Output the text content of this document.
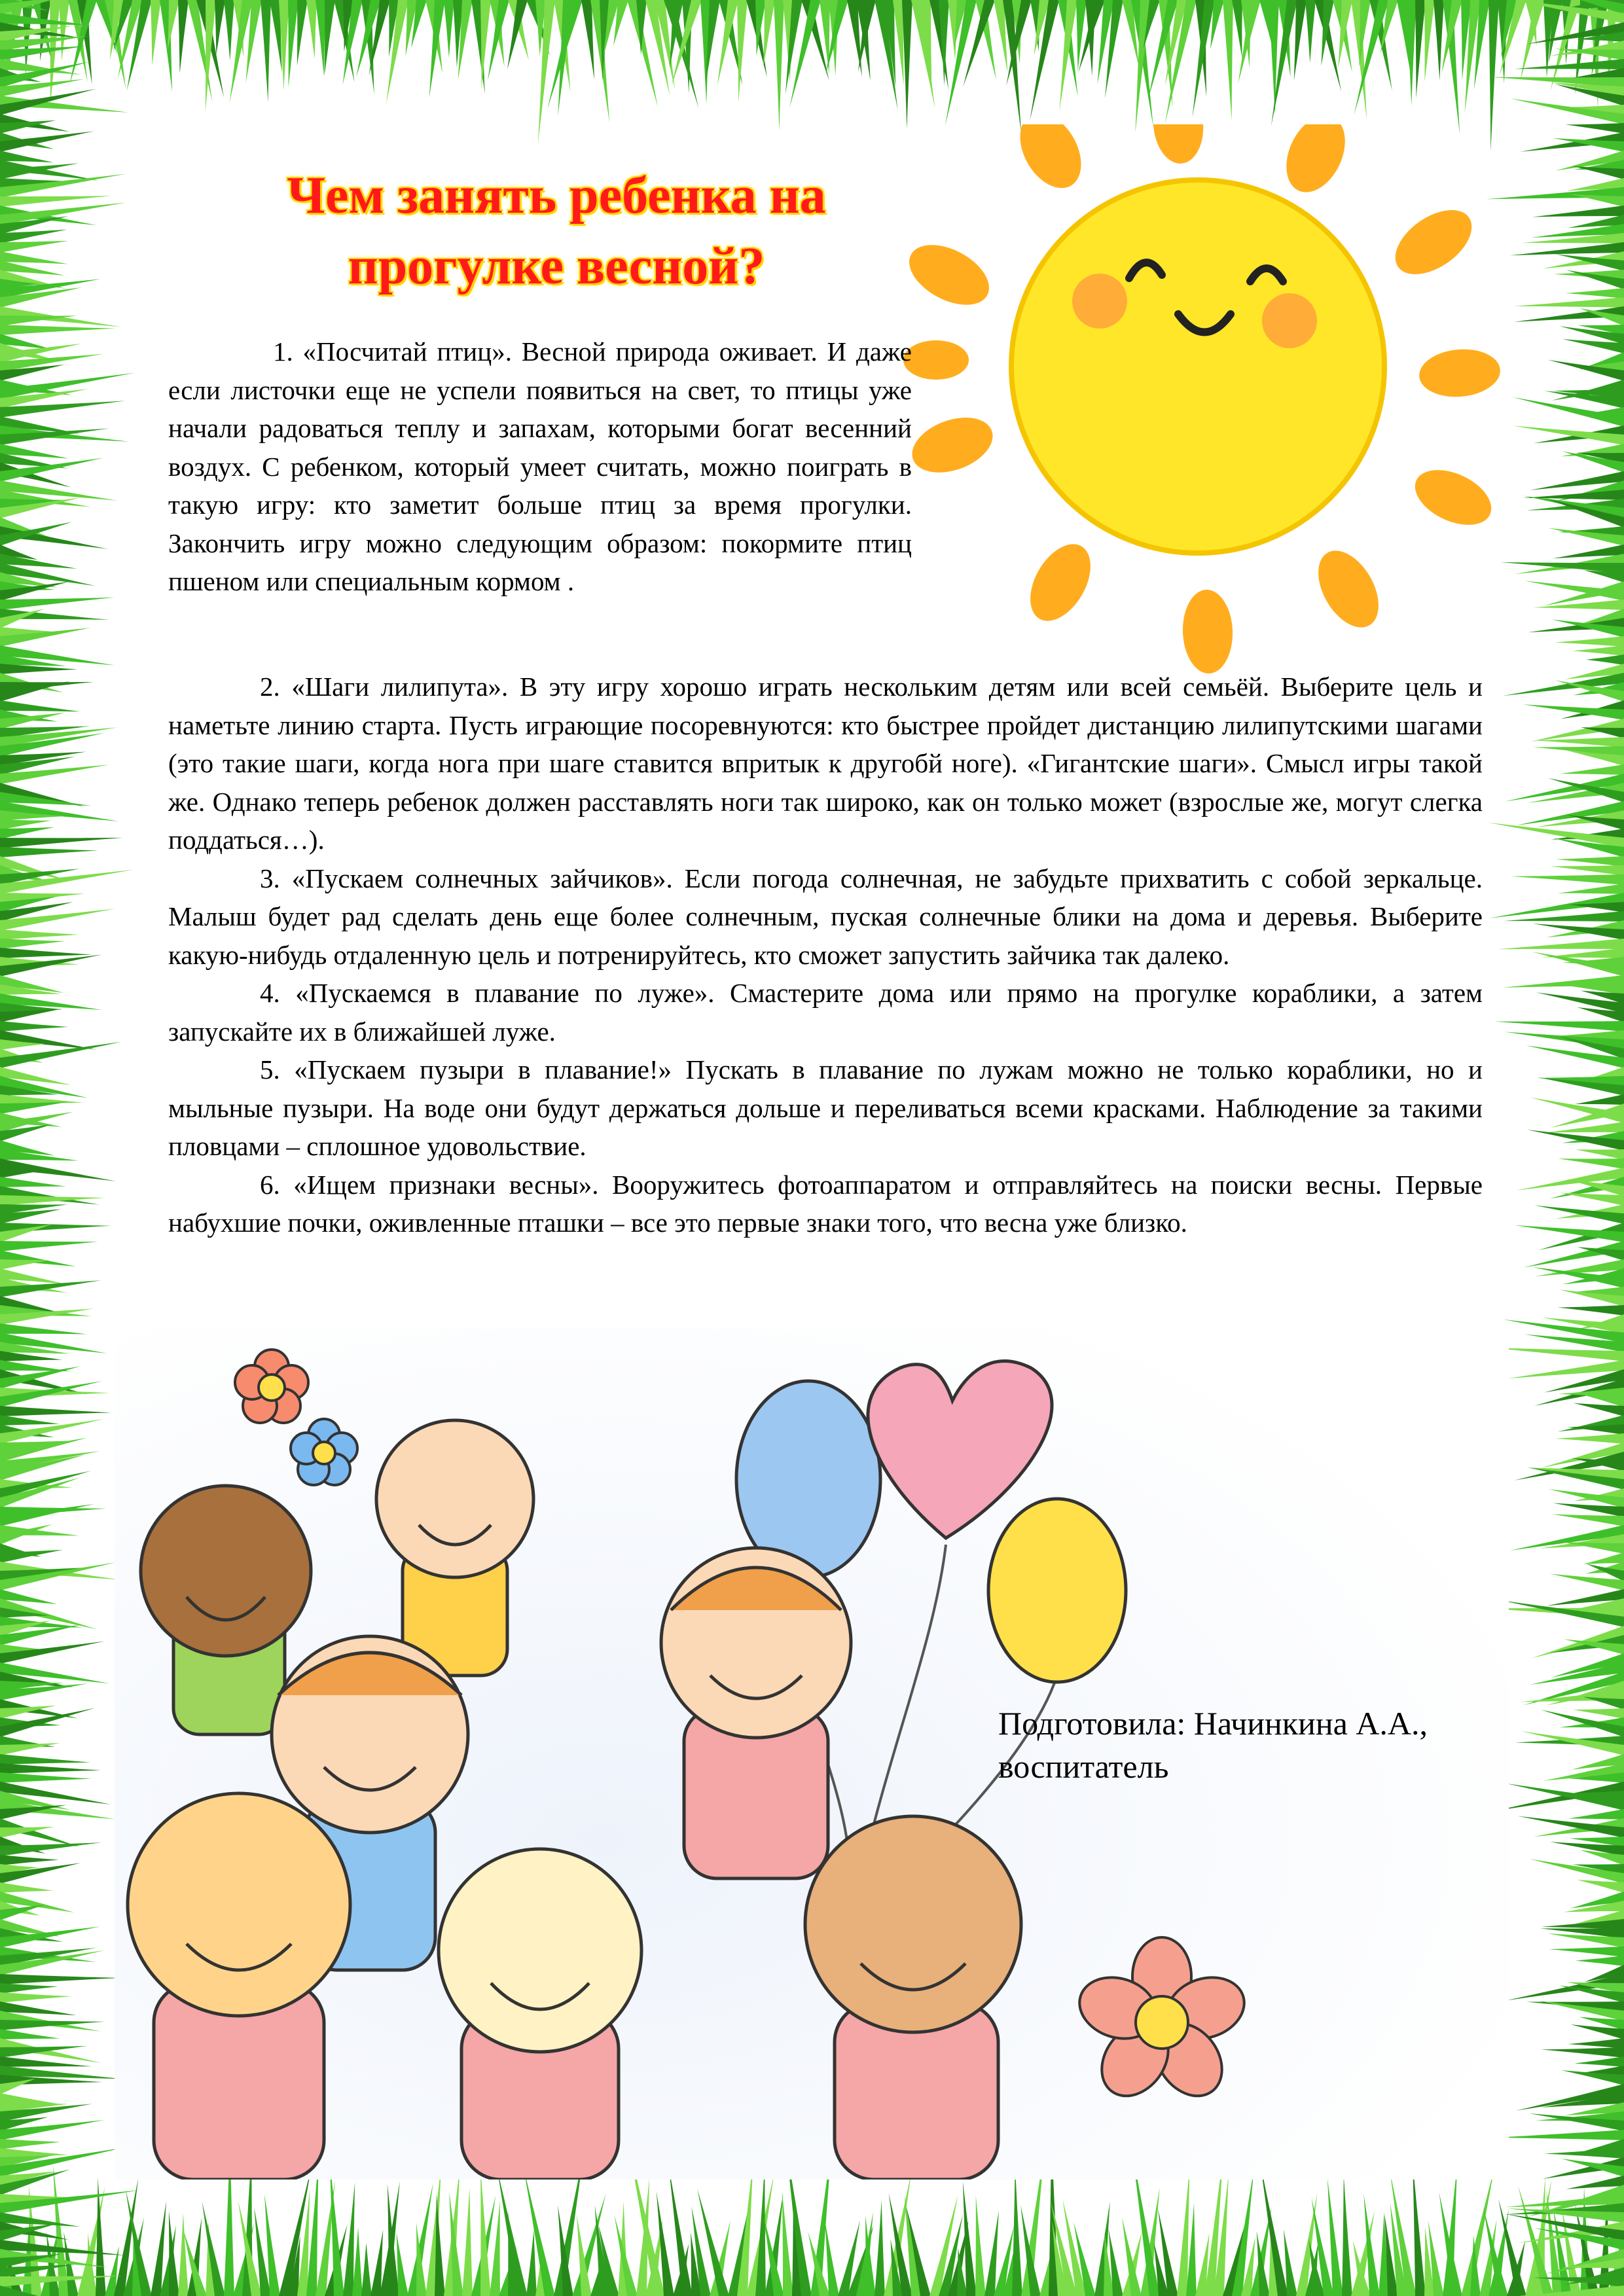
Чем занять ребенка на
прогулке весной?

1. «Посчитай птиц». Весной природа оживает. И даже если листочки еще не успели появиться на свет, то птицы уже начали радоваться теплу и запахам, которыми богат весенний воздух. С ребенком, который умеет считать, можно поиграть в такую игру: кто заметит больше птиц за время прогулки. Закончить игру можно следующим образом: покормите птиц пшеном или специальным кормом .

2. «Шаги лилипута». В эту игру хорошо играть нескольким детям или всей семьёй. Выберите цель и наметьте линию старта. Пусть играющие посоревнуются: кто быстрее пройдет дистанцию лилипутскими шагами (это такие шаги, когда нога при шаге ставится впритык к другобй ноге). «Гигантские шаги». Смысл игры такой же. Однако теперь ребенок должен расставлять ноги так широко, как он только может (взрослые же, могут слегка поддаться…).

3. «Пускаем солнечных зайчиков». Если погода солнечная, не забудьте прихватить с собой зеркальце. Малыш будет рад сделать день еще более солнечным, пуская солнечные блики на дома и деревья. Выберите какую-нибудь отдаленную цель и потренируйтесь, кто сможет запустить зайчика так далеко.

4. «Пускаемся в плавание по луже». Смастерите дома или прямо на прогулке кораблики, а затем запускайте их в ближайшей луже.

5. «Пускаем пузыри в плавание!» Пускать в плавание по лужам можно не только кораблики, но и мыльные пузыри. На воде они будут держаться дольше и переливаться всеми красками. Наблюдение за такими пловцами – сплошное удовольствие.

6. «Ищем признаки весны». Вооружитесь фотоаппаратом и отправляйтесь на поиски весны. Первые набухшие почки, оживленные пташки – все это первые знаки того, что весна уже близко.

Подготовила: Начинкина А.А.,
воспитатель
